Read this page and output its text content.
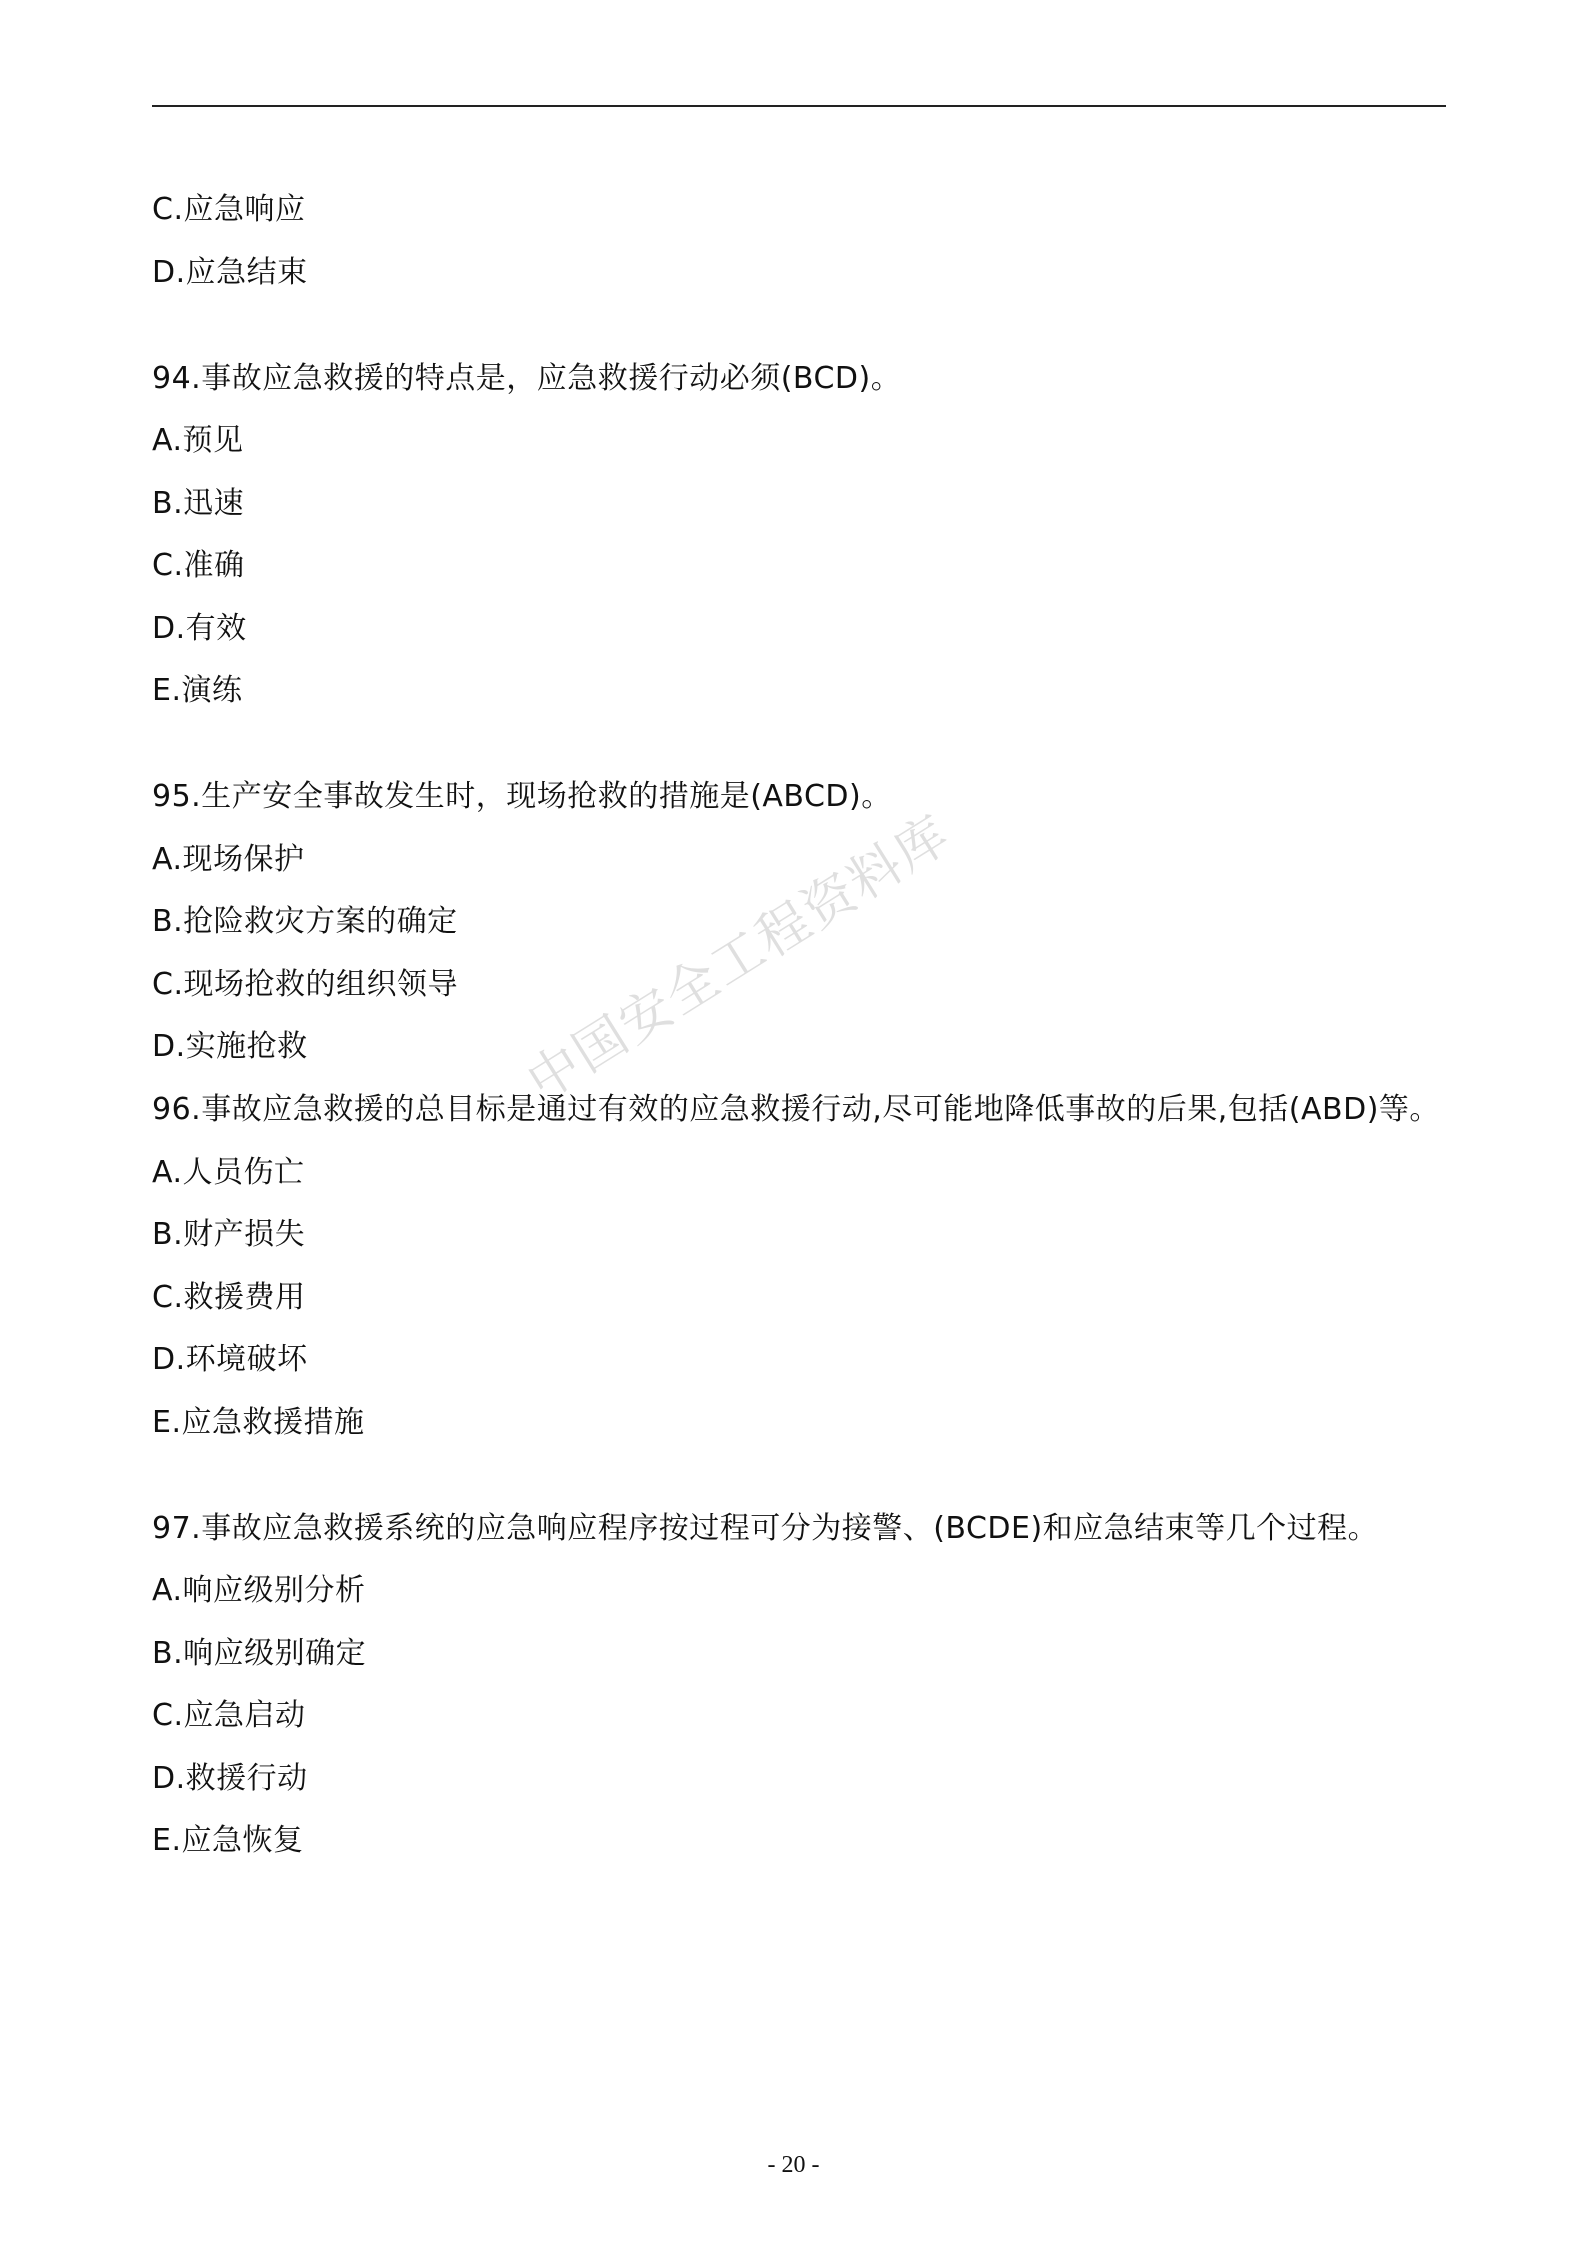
中国安全工程资料库
C.应急响应
D.应急结束
94.事故应急救援的特点是，应急救援行动必须(BCD)。
A.预见
B.迅速
C.准确
D.有效
E.演练
95.生产安全事故发生时，现场抢救的措施是(ABCD)。
A.现场保护
B.抢险救灾方案的确定
C.现场抢救的组织领导
D.实施抢救
96.事故应急救援的总目标是通过有效的应急救援行动,尽可能地降低事故的后果,包括(ABD)等。
A.人员伤亡
B.财产损失
C.救援费用
D.环境破坏
E.应急救援措施
97.事故应急救援系统的应急响应程序按过程可分为接警、(BCDE)和应急结束等几个过程。
A.响应级别分析
B.响应级别确定
C.应急启动
D.救援行动
E.应急恢复
- 20 -
